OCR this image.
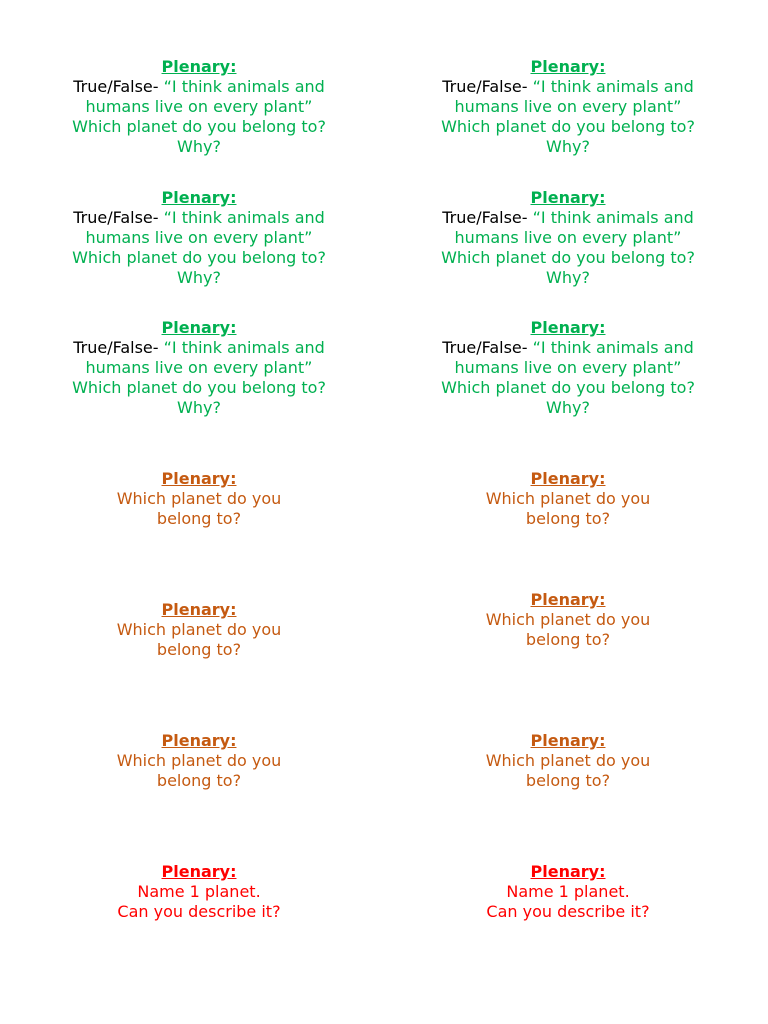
Plenary:
True/False- “I think animals and
humans live on every plant”
Which planet do you belong to?
Why?
Plenary:
True/False- “I think animals and
humans live on every plant”
Which planet do you belong to?
Why?
Plenary:
True/False- “I think animals and
humans live on every plant”
Which planet do you belong to?
Why?
Plenary:
True/False- “I think animals and
humans live on every plant”
Which planet do you belong to?
Why?
Plenary:
True/False- “I think animals and
humans live on every plant”
Which planet do you belong to?
Why?
Plenary:
True/False- “I think animals and
humans live on every plant”
Which planet do you belong to?
Why?
Plenary:
Which planet do you
belong to?
Plenary:
Which planet do you
belong to?
Plenary:
Which planet do you
belong to?
Plenary:
Which planet do you
belong to?
Plenary:
Which planet do you
belong to?
Plenary:
Which planet do you
belong to?
Plenary:
Name 1 planet.
Can you describe it?
Plenary:
Name 1 planet.
Can you describe it?
